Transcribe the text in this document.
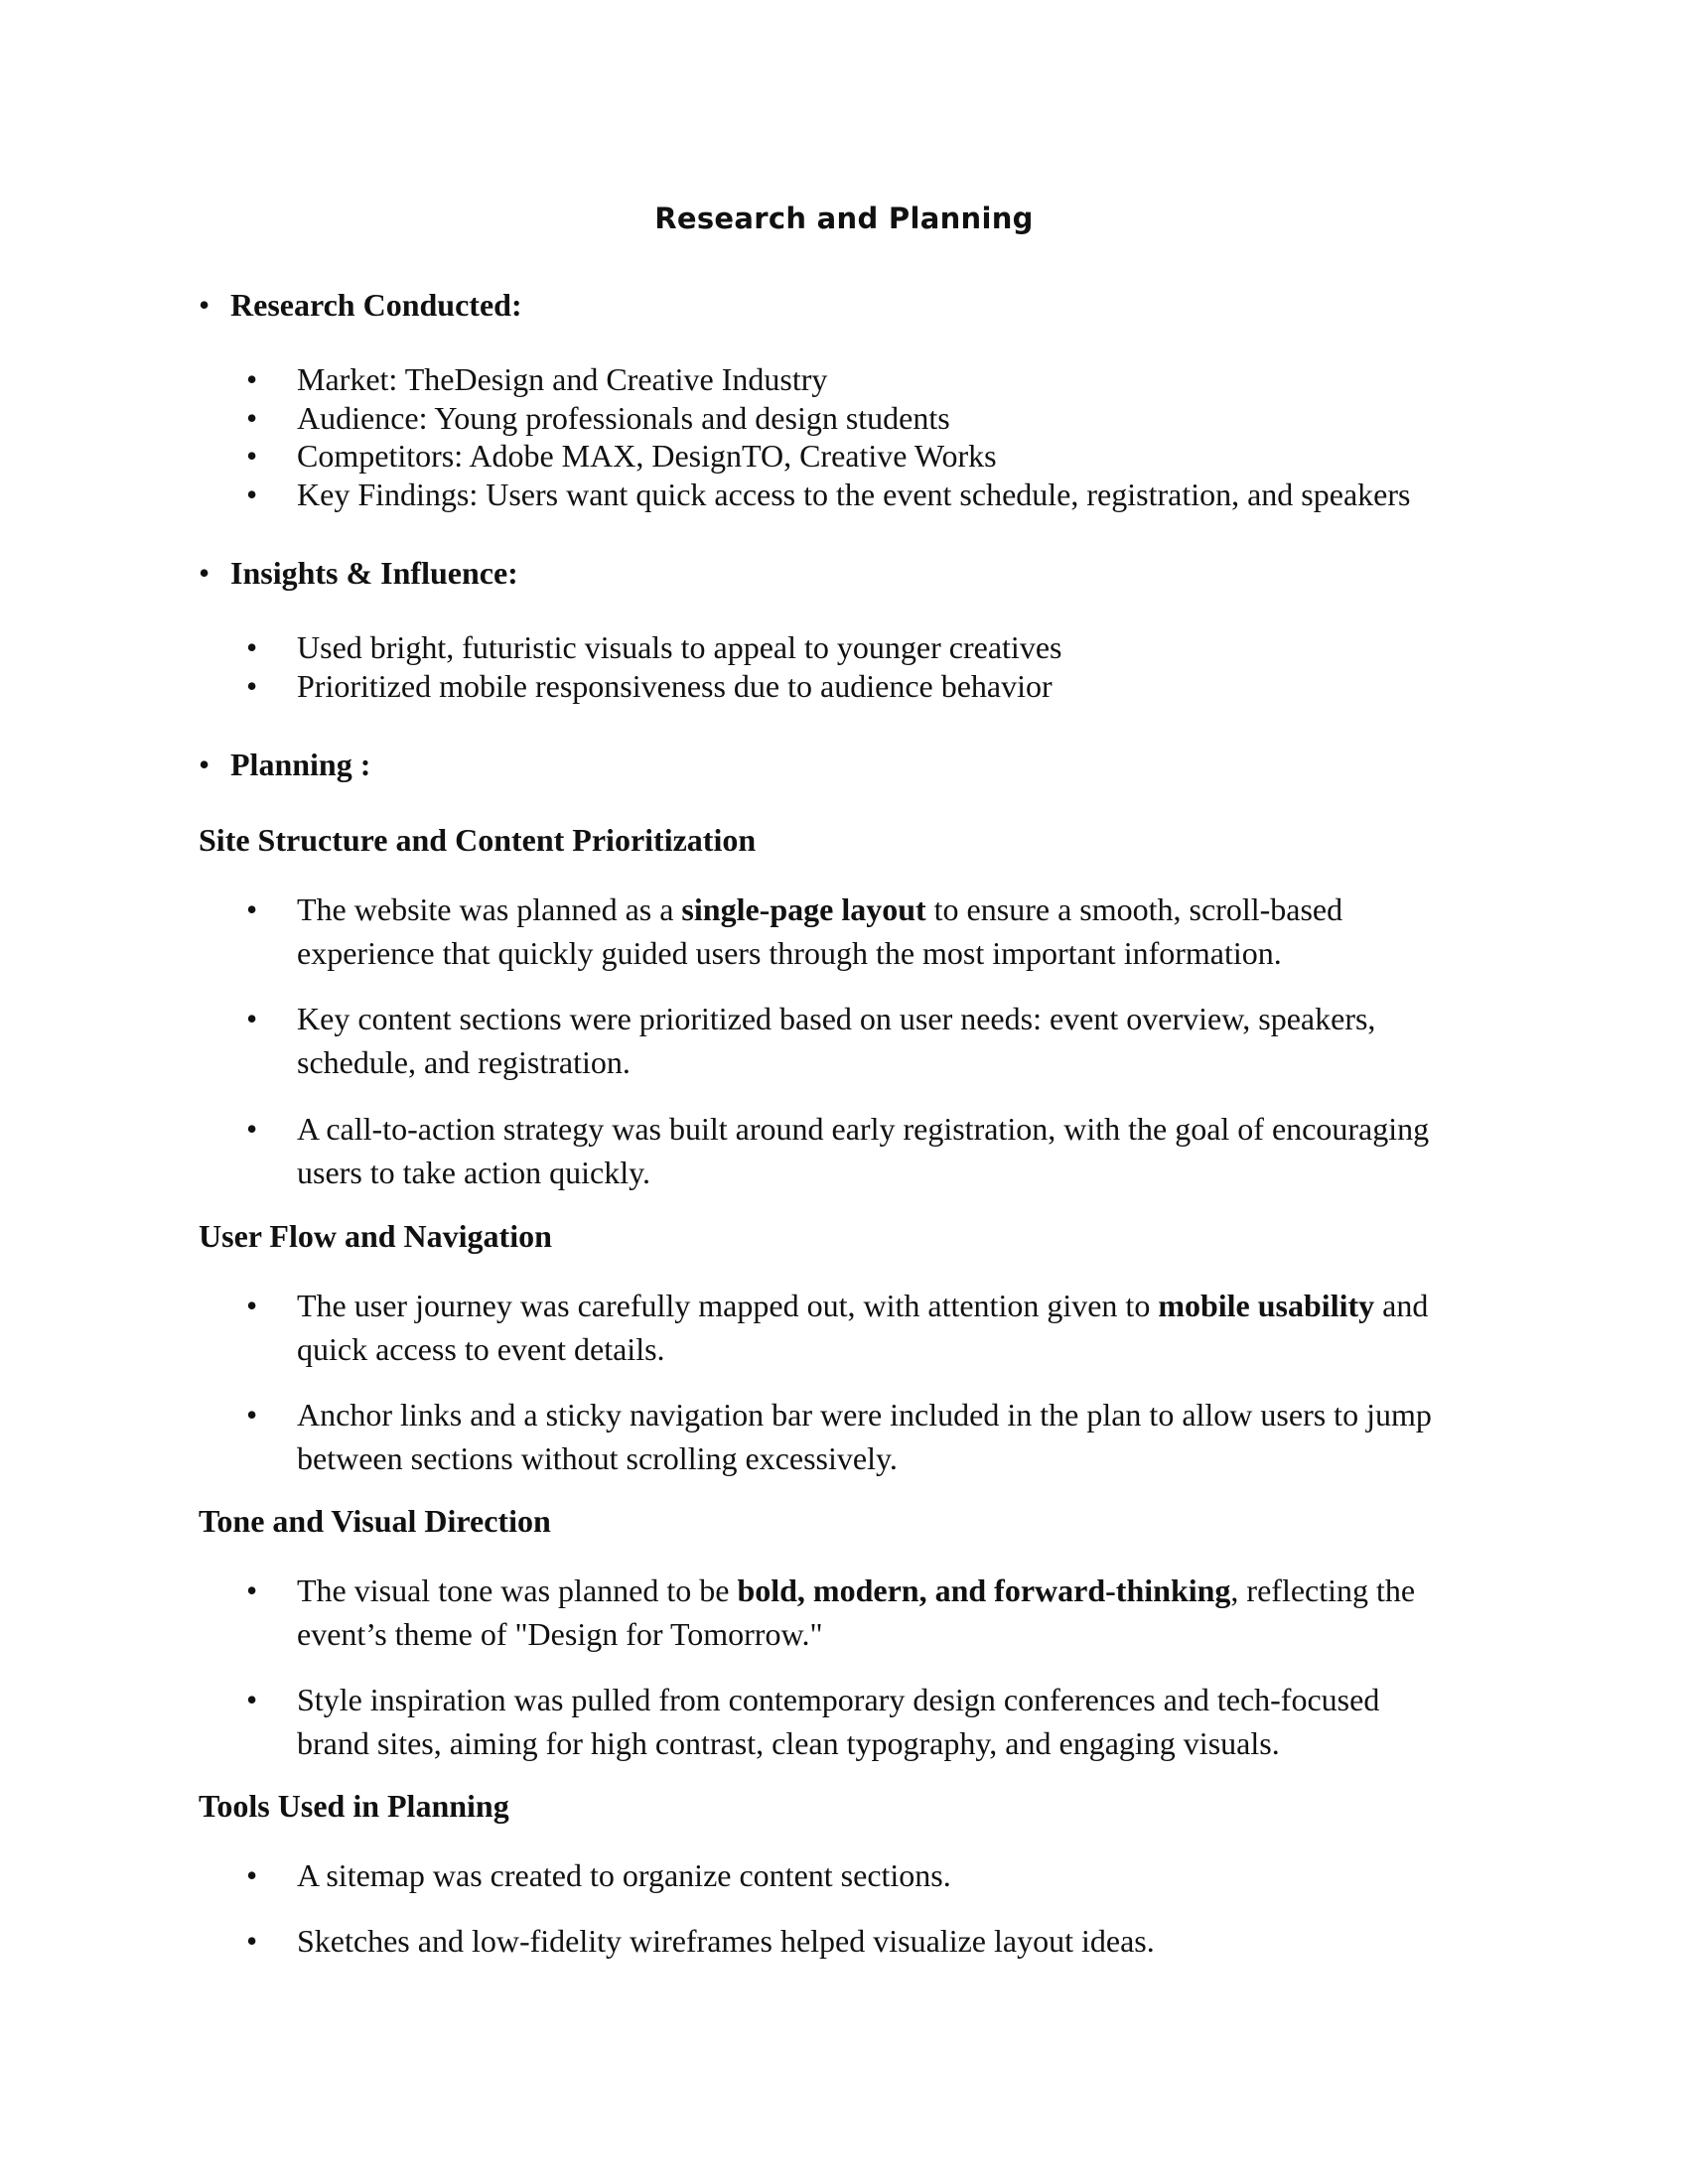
Research and Planning
• Research Conducted:
• Market: TheDesign and Creative Industry
• Audience: Young professionals and design students
• Competitors: Adobe MAX, DesignTO, Creative Works
• Key Findings: Users want quick access to the event schedule, registration, and speakers
• Insights & Influence:
• Used bright, futuristic visuals to appeal to younger creatives
• Prioritized mobile responsiveness due to audience behavior
• Planning :
Site Structure and Content Prioritization
• The website was planned as a single-page layout to ensure a smooth, scroll-based
experience that quickly guided users through the most important information.
• Key content sections were prioritized based on user needs: event overview, speakers,
schedule, and registration.
• A call-to-action strategy was built around early registration, with the goal of encouraging
users to take action quickly.
User Flow and Navigation
• The user journey was carefully mapped out, with attention given to mobile usability and
quick access to event details.
• Anchor links and a sticky navigation bar were included in the plan to allow users to jump
between sections without scrolling excessively.
Tone and Visual Direction
• The visual tone was planned to be bold, modern, and forward-thinking, reflecting the
event’s theme of "Design for Tomorrow."
• Style inspiration was pulled from contemporary design conferences and tech-focused
brand sites, aiming for high contrast, clean typography, and engaging visuals.
Tools Used in Planning
• A sitemap was created to organize content sections.
• Sketches and low-fidelity wireframes helped visualize layout ideas.
